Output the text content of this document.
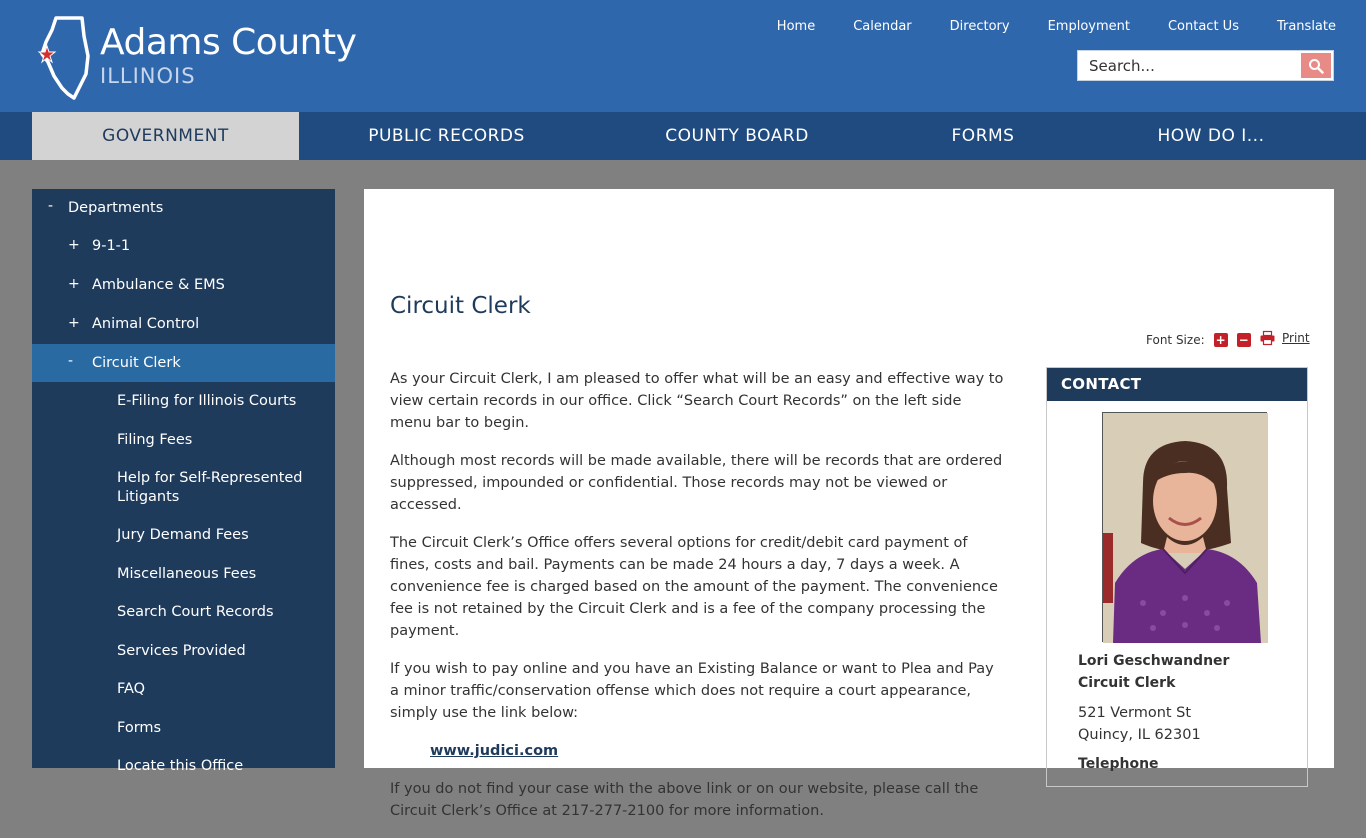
Adams County
ILLINOIS
Home	Calendar	Directory	Employment	Contact Us	Translate
Search...
GOVERNMENT	PUBLIC RECORDS	COUNTY BOARD	FORMS	HOW DO I...
- Departments
+ 9-1-1
+ Ambulance & EMS
+ Animal Control
- Circuit Clerk
E-Filing for Illinois Courts
Filing Fees
Help for Self-Represented Litigants
Jury Demand Fees
Miscellaneous Fees
Search Court Records
Services Provided
FAQ
Forms
Locate this Office
Circuit Clerk
Font Size: + −	Print

As your Circuit Clerk, I am pleased to offer what will be an easy and effective way to view certain records in our office. Click “Search Court Records” on the left side menu bar to begin.

Although most records will be made available, there will be records that are ordered suppressed, impounded or confidential. Those records may not be viewed or accessed.

The Circuit Clerk’s Office offers several options for credit/debit card payment of fines, costs and bail. Payments can be made 24 hours a day, 7 days a week. A convenience fee is charged based on the amount of the payment. The convenience fee is not retained by the Circuit Clerk and is a fee of the company processing the payment.

If you wish to pay online and you have an Existing Balance or want to Plea and Pay a minor traffic/conservation offense which does not require a court appearance, simply use the link below:

www.judici.com

If you do not find your case with the above link or on our website, please call the Circuit Clerk’s Office at 217-277-2100 for more information.

CONTACT
Lori Geschwandner
Circuit Clerk
521 Vermont St
Quincy, IL 62301
Telephone
